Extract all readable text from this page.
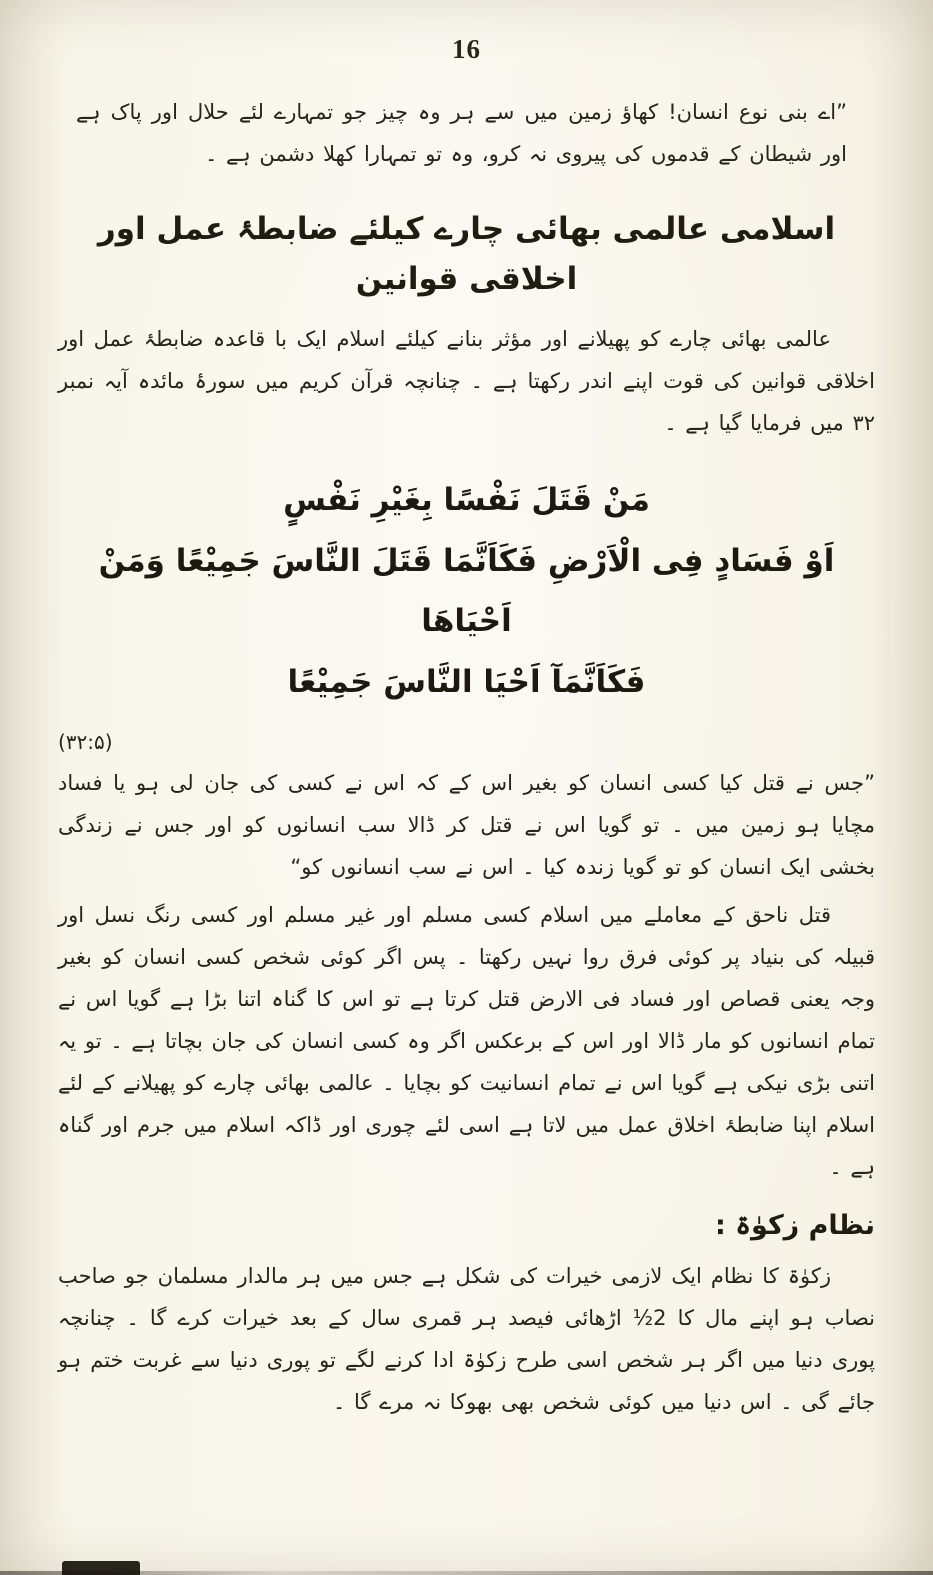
16

”اے بنی نوع انسان! کھاؤ زمین میں سے ہر وہ چیز جو تمہارے لئے حلال اور پاک ہے اور شیطان کے قدموں کی پیروی نہ کرو، وہ تو تمہارا کھلا دشمن ہے ۔

اسلامی عالمی بھائی چارے کیلئے ضابطۂ عمل اور اخلاقی قوانین

عالمی بھائی چارے کو پھیلانے اور مؤثر بنانے کیلئے اسلام ایک با قاعدہ ضابطۂ عمل اور اخلاقی قوانین کی قوت اپنے اندر رکھتا ہے ۔ چنانچہ قرآن کریم میں سورۂ مائدہ آیہ نمبر ۳۲ میں فرمایا گیا ہے ۔

مَنْ قَتَلَ نَفْسًا بِغَيْرِ نَفْسٍ
اَوْ فَسَادٍ فِی الْاَرْضِ فَكَاَنَّمَا قَتَلَ النَّاسَ جَمِيْعًا وَمَنْ اَحْيَاهَا
فَكَاَنَّمَآ اَحْيَا النَّاسَ جَمِيْعًا
(۳۲:۵)

”جس نے قتل کیا کسی انسان کو بغیر اس کے کہ اس نے کسی کی جان لی ہو یا فساد مچایا ہو زمین میں ۔ تو گویا اس نے قتل کر ڈالا سب انسانوں کو اور جس نے زندگی بخشی ایک انسان کو تو گویا زندہ کیا ۔ اس نے سب انسانوں کو“

قتل ناحق کے معاملے میں اسلام کسی مسلم اور غیر مسلم اور کسی رنگ نسل اور قبیلہ کی بنیاد پر کوئی فرق روا نہیں رکھتا ۔ پس اگر کوئی شخص کسی انسان کو بغیر وجہ یعنی قصاص اور فساد فی الارض قتل کرتا ہے تو اس کا گناہ اتنا بڑا ہے گویا اس نے تمام انسانوں کو مار ڈالا اور اس کے برعکس اگر وہ کسی انسان کی جان بچاتا ہے ۔ تو یہ اتنی بڑی نیکی ہے گویا اس نے تمام انسانیت کو بچایا ۔ عالمی بھائی چارے کو پھیلانے کے لئے اسلام اپنا ضابطۂ اخلاق عمل میں لاتا ہے اسی لئے چوری اور ڈاکہ اسلام میں جرم اور گناہ ہے ۔

نظام زکوٰۃ :

زکوٰۃ کا نظام ایک لازمی خیرات کی شکل ہے جس میں ہر مالدار مسلمان جو صاحب نصاب ہو اپنے مال کا 2½ اڑھائی فیصد ہر قمری سال کے بعد خیرات کرے گا ۔ چنانچہ پوری دنیا میں اگر ہر شخص اسی طرح زکوٰۃ ادا کرنے لگے تو پوری دنیا سے غربت ختم ہو جائے گی ۔ اس دنیا میں کوئی شخص بھی بھوکا نہ مرے گا ۔
